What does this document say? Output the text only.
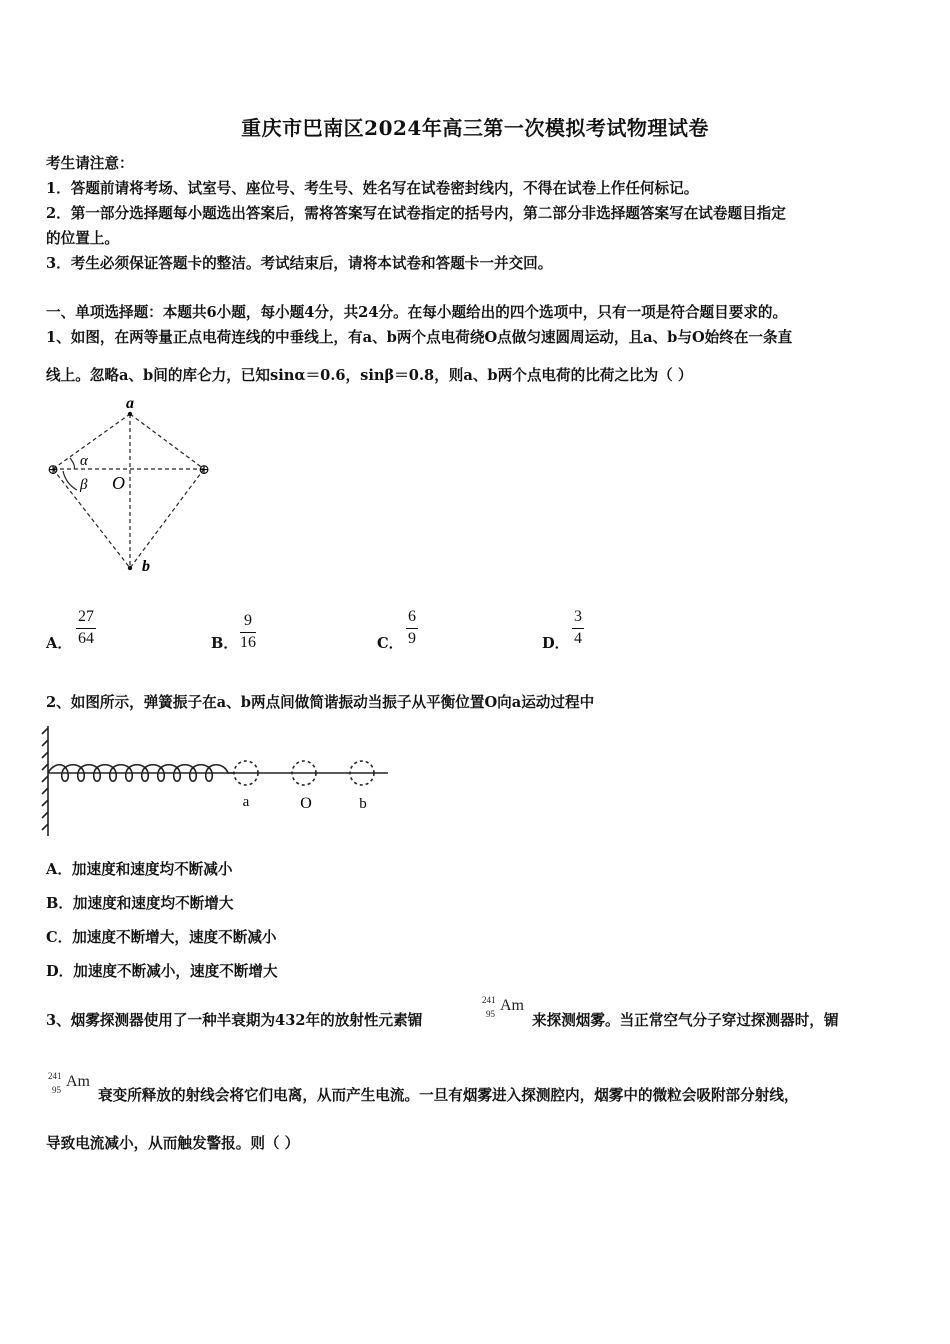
重庆市巴南区2024年高三第一次模拟考试物理试卷
考生请注意：
1．答题前请将考场、试室号、座位号、考生号、姓名写在试卷密封线内，不得在试卷上作任何标记。
2．第一部分选择题每小题选出答案后，需将答案写在试卷指定的括号内，第二部分非选择题答案写在试卷题目指定
的位置上。
3．考生必须保证答题卡的整洁。考试结束后，请将本试卷和答题卡一并交回。
一、单项选择题：本题共6小题，每小题4分，共24分。在每小题给出的四个选项中，只有一项是符合题目要求的。
1、如图，在两等量正点电荷连线的中垂线上，有a、b两个点电荷绕O点做匀速圆周运动，且a、b与O始终在一条直
线上。忽略a、b间的库仑力，已知sinα＝0.6，sinβ＝0.8，则a、b两个点电荷的比荷之比为（ ）
⊕	⊕
a
b
O
α
β
A． $\frac{27}{64}$	B． $\frac{9}{16}$	C． $\frac{6}{9}$	D． $\frac{3}{4}$
2、如图所示，弹簧振子在a、b两点间做简谐振动当振子从平衡位置O向a运动过程中
a	O	b
A．加速度和速度均不断减小
B．加速度和速度均不断增大
C．加速度不断增大，速度不断减小
D．加速度不断减小，速度不断增大
3、烟雾探测器使用了一种半衰期为432年的放射性元素镅
241
95 Am
来探测烟雾。当正常空气分子穿过探测器时，镅
241
95 Am
衰变所释放的射线会将它们电离，从而产生电流。一旦有烟雾进入探测腔内，烟雾中的微粒会吸附部分射线，
导致电流减小，从而触发警报。则（ ）
